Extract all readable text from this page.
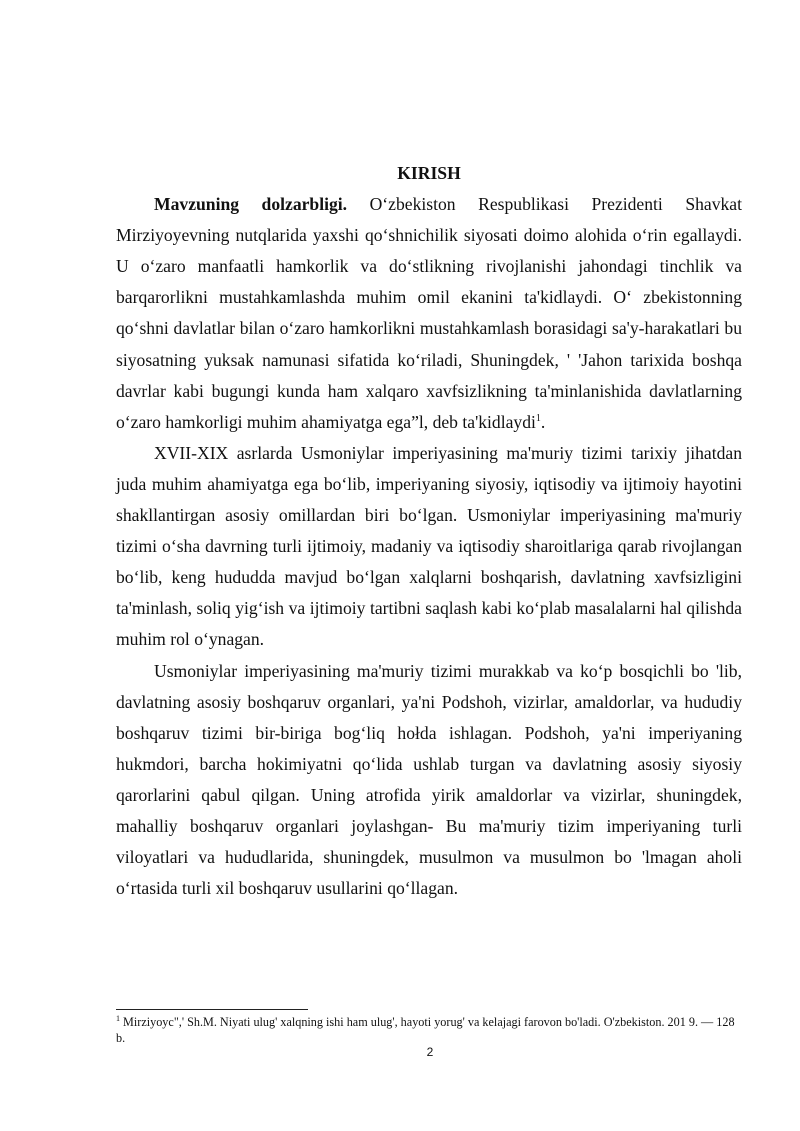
KIRISH

Mavzuning dolzarbligi. O‘zbekiston Respublikasi Prezidenti Shavkat Mirziyoyevning nutqlarida yaxshi qo‘shnichilik siyosati doimo alohida o‘rin egallaydi. U o‘zaro manfaatli hamkorlik va do‘stlikning rivojlanishi jahondagi tinchlik va barqarorlikni mustahkamlashda muhim omil ekanini ta'kidlaydi. O‘ zbekistonning qo‘shni davlatlar bilan o‘zaro hamkorlikni mustahkamlash borasidagi sa'y-harakatlari bu siyosatning yuksak namunasi sifatida ko‘riladi, Shuningdek, ' 'Jahon tarixida boshqa davrlar kabi bugungi kunda ham xalqaro xavfsizlikning ta'minlanishida davlatlarning o‘zaro hamkorligi muhim ahamiyatga ega”l, deb ta'kidlaydi$^1$.

XVII-XIX asrlarda Usmoniylar imperiyasining ma'muriy tizimi tarixiy jihatdan juda muhim ahamiyatga ega bo‘lib, imperiyaning siyosiy, iqtisodiy va ijtimoiy hayotini shakllantirgan asosiy omillardan biri bo‘lgan. Usmoniylar imperiyasining ma'muriy tizimi o‘sha davrning turli ijtimoiy, madaniy va iqtisodiy sharoitlariga qarab rivojlangan bo‘lib, keng hududda mavjud bo‘lgan xalqlarni boshqarish, davlatning xavfsizligini ta'minlash, soliq yig‘ish va ijtimoiy tartibni saqlash kabi ko‘plab masalalarni hal qilishda muhim rol o‘ynagan.

Usmoniylar imperiyasining ma'muriy tizimi murakkab va ko‘p bosqichli bo 'lib, davlatning asosiy boshqaruv organlari, ya'ni Podshoh, vizirlar, amaldorlar, va hududiy boshqaruv tizimi bir-biriga bog‘liq hołda ishlagan. Podshoh, ya'ni imperiyaning hukmdori, barcha hokimiyatni qo‘lida ushlab turgan va davlatning asosiy siyosiy qarorlarini qabul qilgan. Uning atrofida yirik amaldorlar va vizirlar, shuningdek, mahalliy boshqaruv organlari joylashgan- Bu ma'muriy tizim imperiyaning turli viloyatlari va hududlarida, shuningdek, musulmon va musulmon bo 'lmagan aholi o‘rtasida turli xil boshqaruv usullarini qo‘llagan.

$^1$ Mirziyoyc",' Sh.M. Niyati ulug' xalqning ishi ham ulug', hayoti yorug' va kelajagi farovon bo'ladi. O'zbekiston. 201 9. — 128 b.
2
